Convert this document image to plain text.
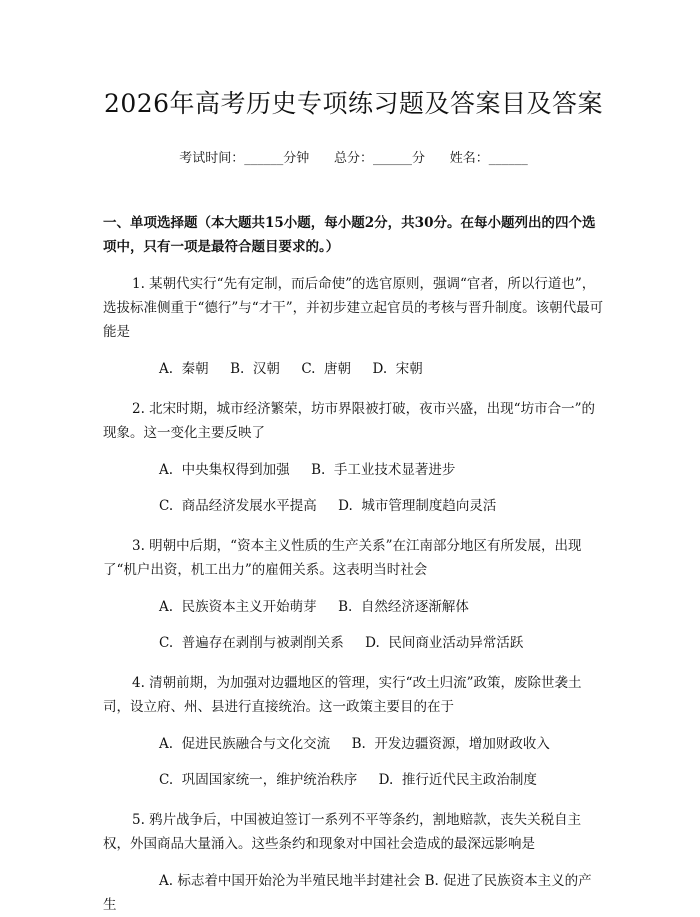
2026年高考历史专项练习题及答案目及答案
考试时间：______分钟      总分：______分      姓名：______
一、单项选择题（本大题共15小题，每小题2分，共30分。在每小题列出的四个选项中，只有一项是最符合题目要求的。）

1. 某朝代实行“先有定制，而后命使”的选官原则，强调“官者，所以行道也”，选拔标准侧重于“德行”与“才干”，并初步建立起官员的考核与晋升制度。该朝代最可能是

A.  秦朝     B.  汉朝     C.  唐朝     D.  宋朝

2. 北宋时期，城市经济繁荣，坊市界限被打破，夜市兴盛，出现“坊市合一”的现象。这一变化主要反映了

A.  中央集权得到加强     B.  手工业技术显著进步
C.  商品经济发展水平提高     D.  城市管理制度趋向灵活

3. 明朝中后期，“资本主义性质的生产关系”在江南部分地区有所发展，出现了“机户出资，机工出力”的雇佣关系。这表明当时社会

A.  民族资本主义开始萌芽     B.  自然经济逐渐解体
C.  普遍存在剥削与被剥削关系     D.  民间商业活动异常活跃

4. 清朝前期，为加强对边疆地区的管理，实行“改土归流”政策，废除世袭土司，设立府、州、县进行直接统治。这一政策主要目的在于

A.  促进民族融合与文化交流     B.  开发边疆资源，增加财政收入
C.  巩固国家统一，维护统治秩序     D.  推行近代民主政治制度

5. 鸦片战争后，中国被迫签订一系列不平等条约，割地赔款，丧失关税自主权，外国商品大量涌入。这些条约和现象对中国社会造成的最深远影响是

A. 标志着中国开始沦为半殖民地半封建社会 B. 促进了民族资本主义的产生
